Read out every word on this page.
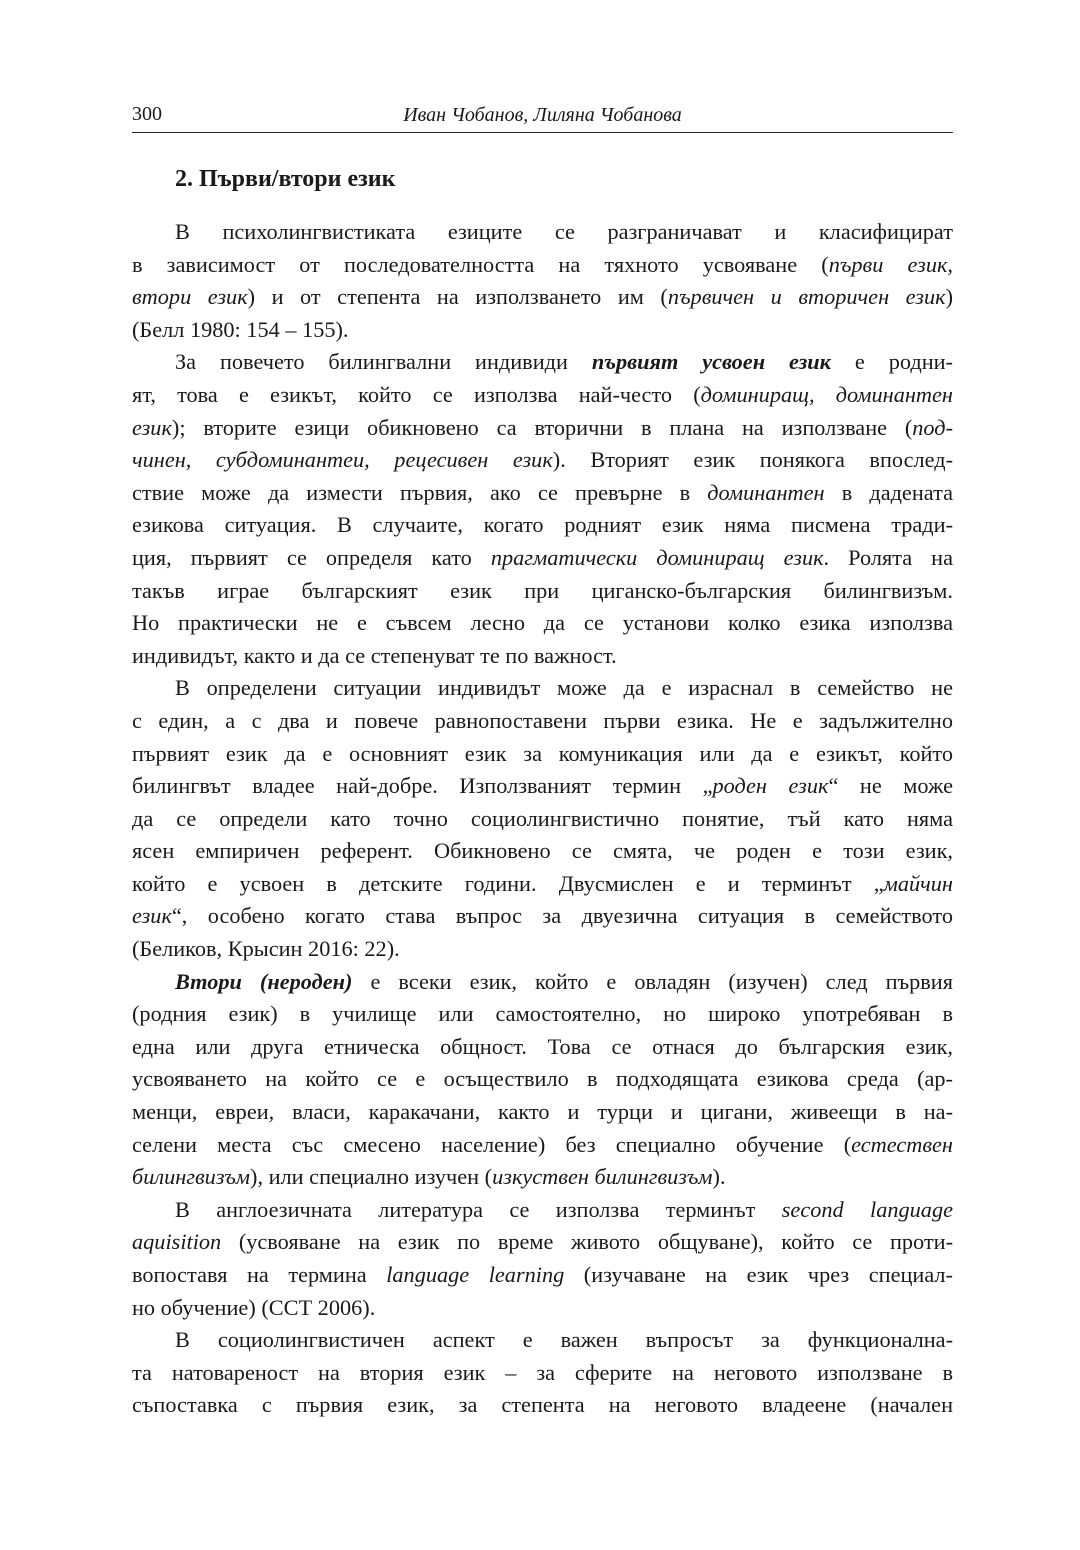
300	Иван Чобанов, Лиляна Чобанова
2. Първи/втори език
В психолингвистиката езиците се разграничават и класифицират
в зависимост от последователността на тяхното усвояване (първи език,
втори език) и от степента на използването им (първичен и вторичен език)
(Белл 1980: 154 – 155).
За повечето билингвални индивиди първият усвоен език е родни-
ят, това е езикът, който се използва най-често (доминиращ, доминантен
език); вторите езици обикновено са вторични в плана на използване (под-
чинен, субдоминантеи, рецесивен език). Вторият език понякога впослед-
ствие може да измести първия, ако се превърне в доминантен в дадената
езикова ситуация. В случаите, когато родният език няма писмена тради-
ция, първият се определя като прагматически доминиращ език. Ролята на
такъв играе българският език при циганско-българския билингвизъм.
Но практически не е съвсем лесно да се установи колко езика използва
индивидът, както и да се степенуват те по важност.
В определени ситуации индивидът може да е израснал в семейство не
с един, а с два и повече равнопоставени първи езика. Не е задължително
първият език да е основният език за комуникация или да е езикът, който
билингвът владее най-добре. Използваният термин „роден език“ не може
да се определи като точно социолингвистично понятие, тъй като няма
ясен емпиричен референт. Обикновено се смята, че роден е този език,
който е усвоен в детските години. Двусмислен е и терминът „майчин
език“, особено когато става въпрос за двуезична ситуация в семейството
(Беликов, Крысин 2016: 22).
Втори (нероден) е всеки език, който е овладян (изучен) след първия
(родния език) в училище или самостоятелно, но широко употребяван в
една или друга етническа общност. Това се отнася до българския език,
усвояването на който се е осъществило в подходящата езикова среда (ар-
менци, евреи, власи, каракачани, както и турци и цигани, живеещи в на-
селени места със смесено население) без специално обучение (естествен
билингвизъм), или специално изучен (изкуствен билингвизъм).
В англоезичната литература се използва терминът second language
aquisition (усвояване на език по време живото общуване), който се проти-
вопоставя на термина language learning (изучаване на език чрез специал-
но обучение) (ССТ 2006).
В социолингвистичен аспект е важен въпросът за функционална-
та натовареност на втория език – за сферите на неговото използване в
съпоставка с първия език, за степента на неговото владеене (начален
